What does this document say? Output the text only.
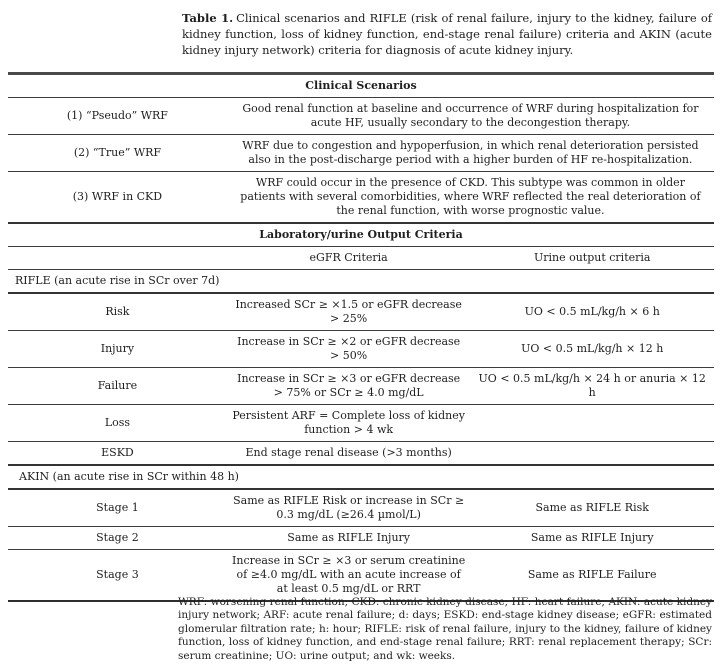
Table 1. Clinical scenarios and RIFLE (risk of renal failure, injury to the kidney, failure of kidney function, loss of kidney function, end-stage renal failure) criteria and AKIN (acute kidney injury network) criteria for diagnosis of acute kidney injury.
Clinical Scenarios		
(1) “Pseudo” WRF	Good renal function at baseline and occurrence of WRF during hospitalization for acute HF, usually secondary to the decongestion therapy.	
(2) “True” WRF	WRF due to congestion and hypoperfusion, in which renal deterioration persisted also in the post-discharge period with a higher burden of HF re-hospitalization.	
(3) WRF in CKD	WRF could occur in the presence of CKD. This subtype was common in older patients with several comorbidities, where WRF reflected the real deterioration of the renal function, with worse prognostic value.	
Laboratory/urine Output Criteria		
	eGFR Criteria	Urine output criteria
RIFLE (an acute rise in SCr over 7d)		
Risk	Increased SCr ≥ ×1.5 or eGFR decrease > 25%	UO < 0.5 mL/kg/h × 6 h
Injury	Increase in SCr ≥ ×2 or eGFR decrease > 50%	UO < 0.5 mL/kg/h × 12 h
Failure	Increase in SCr ≥ ×3 or eGFR decrease > 75% or SCr ≥ 4.0 mg/dL	UO < 0.5 mL/kg/h × 24 h or anuria × 12 h
Loss	Persistent ARF = Complete loss of kidney function > 4 wk	
ESKD	End stage renal disease (>3 months)	
AKIN (an acute rise in SCr within 48 h)		
Stage 1	Same as RIFLE Risk or increase in SCr ≥ 0.3 mg/dL (≥26.4 µmol/L)	Same as RIFLE Risk
Stage 2	Same as RIFLE Injury	Same as RIFLE Injury
Stage 3	Increase in SCr ≥ ×3 or serum creatinine of ≥4.0 mg/dL with an acute increase of at least 0.5 mg/dL or RRT	Same as RIFLE Failure
WRF: worsening renal function; CKD: chronic kidney disease; HF: heart failure; AKIN: acute kidney injury network; ARF: acute renal failure; d: days; ESKD: end-stage kidney disease; eGFR: estimated glomerular filtration rate; h: hour; RIFLE: risk of renal failure, injury to the kidney, failure of kidney function, loss of kidney function, and end-stage renal failure; RRT: renal replacement therapy; SCr: serum creatinine; UO: urine output; and wk: weeks.
